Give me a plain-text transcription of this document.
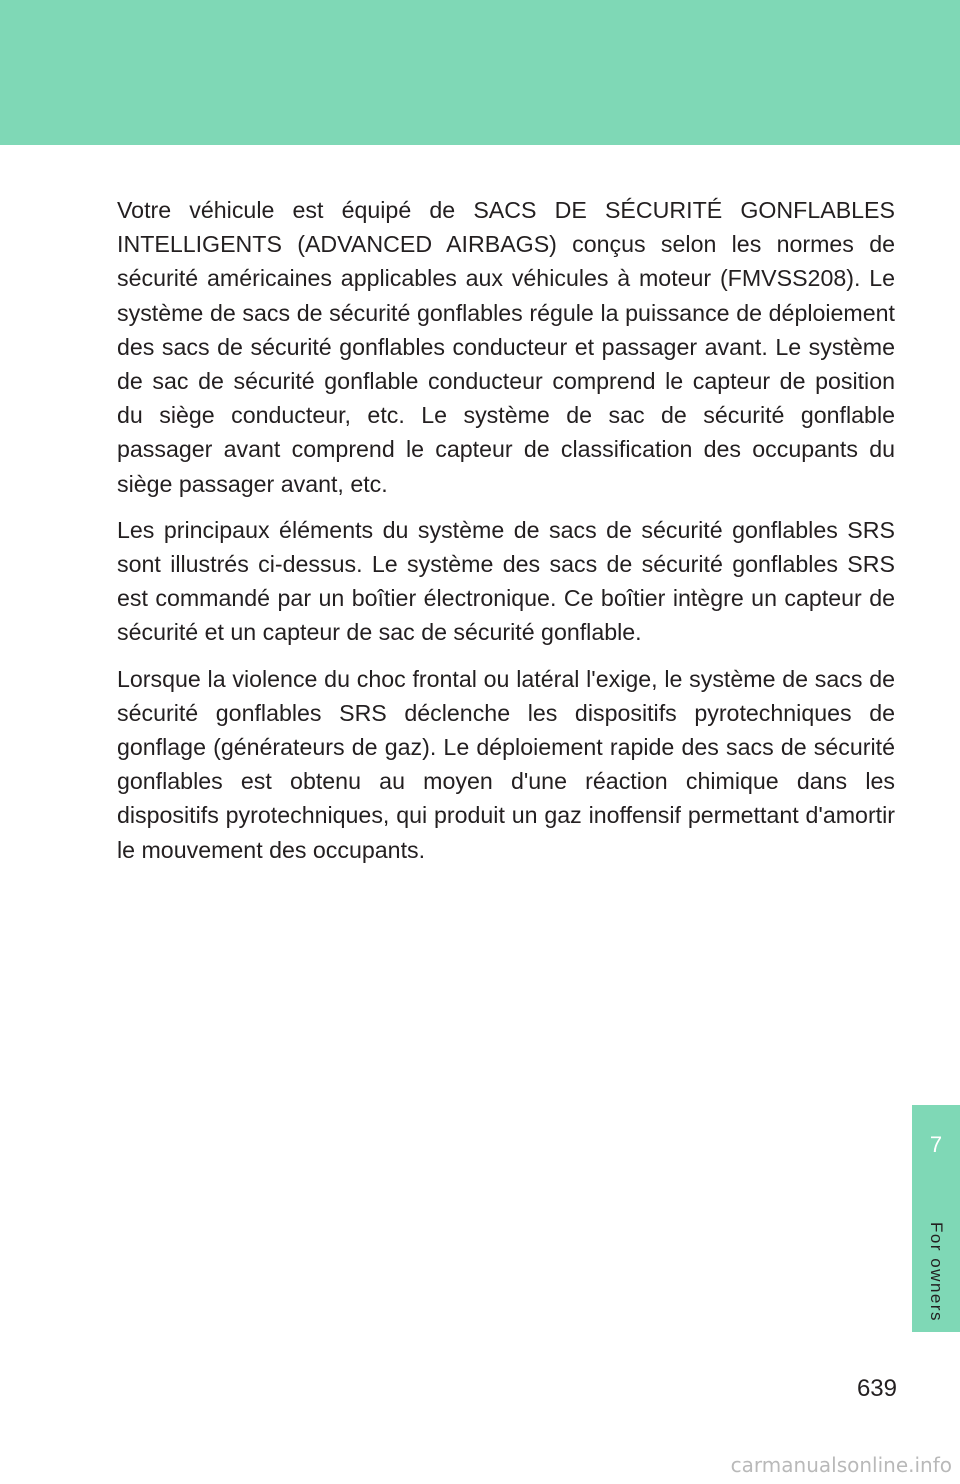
Votre véhicule est équipé de SACS DE SÉCURITÉ GONFLABLES INTELLIGENTS (ADVANCED AIRBAGS) conçus selon les normes de sécurité américaines applicables aux véhicules à moteur (FMVSS208). Le système de sacs de sécurité gonflables régule la puissance de déploiement des sacs de sécurité gonflables conducteur et passager avant. Le système de sac de sécurité gonflable conducteur comprend le capteur de position du siège conducteur, etc. Le système de sac de sécurité gonflable passager avant comprend le capteur de classification des occupants du siège passager avant, etc.

Les principaux éléments du système de sacs de sécurité gonflables SRS sont illustrés ci-dessus. Le système des sacs de sécurité gonflables SRS est commandé par un boîtier électronique. Ce boîtier intègre un capteur de sécurité et un capteur de sac de sécurité gonflable.

Lorsque la violence du choc frontal ou latéral l'exige, le système de sacs de sécurité gonflables SRS déclenche les dispositifs pyrotechniques de gonflage (générateurs de gaz). Le déploiement rapide des sacs de sécurité gonflables est obtenu au moyen d'une réaction chimique dans les dispositifs pyrotechniques, qui produit un gaz inoffensif permettant d'amortir le mouvement des occupants.

7
For owners
639
carmanualsonline.info
